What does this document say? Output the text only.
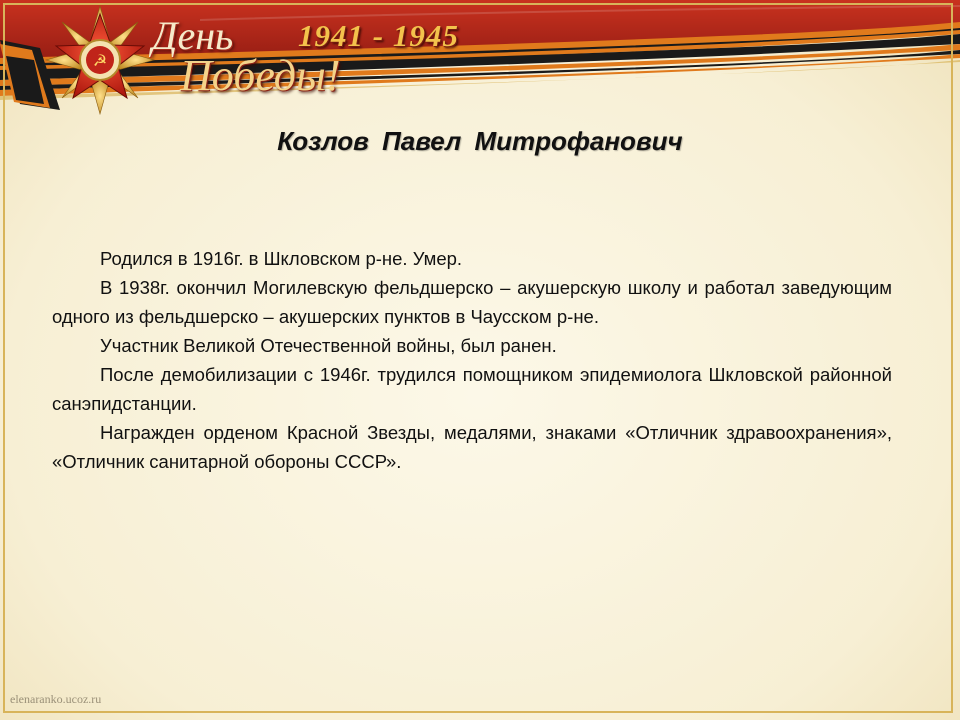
☭
День
Победы!
1941 - 1945
Козлов Павел Митрофанович

Родился в 1916г. в Шкловском р-не. Умер.

В 1938г. окончил Могилевскую фельдшерско – акушерскую школу и работал заведующим одного из фельдшерско – акушерских пунктов в Чаусском р-не.

Участник Великой Отечественной войны, был ранен.

После демобилизации с 1946г. трудился помощником эпидемиолога Шкловской районной санэпидстанции.

Награжден орденом Красной Звезды, медалями, знаками «Отличник здравоохранения», «Отличник санитарной обороны СССР».

elenaranko.ucoz.ru
